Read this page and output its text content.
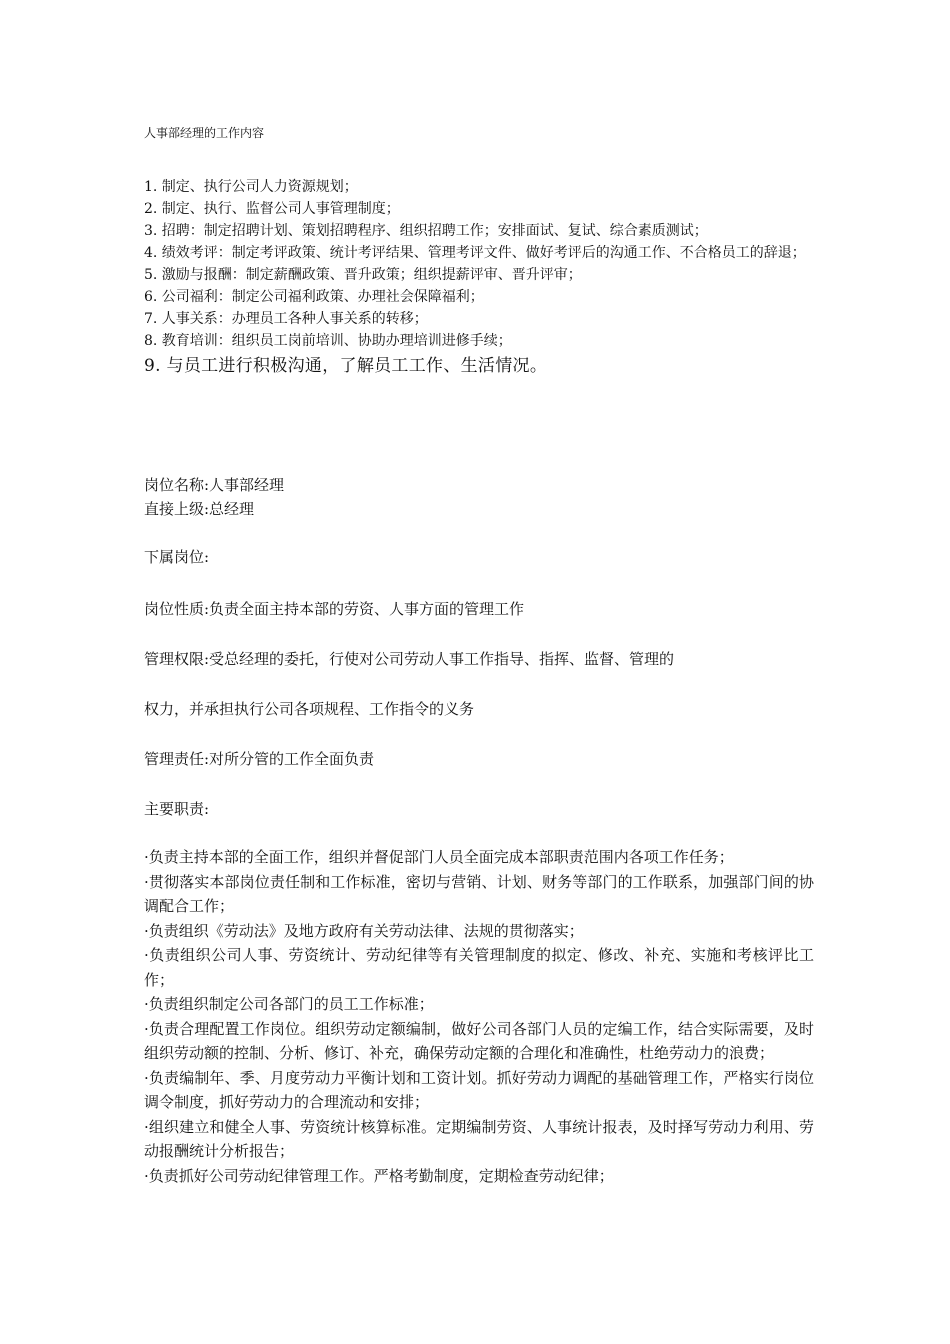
人事部经理的工作内容
1. 制定、执行公司人力资源规划；
2. 制定、执行、监督公司人事管理制度；
3. 招聘：制定招聘计划、策划招聘程序、组织招聘工作；安排面试、复试、综合素质测试；
4. 绩效考评：制定考评政策、统计考评结果、管理考评文件、做好考评后的沟通工作、不合格员工的辞退；
5. 激励与报酬：制定薪酬政策、晋升政策；组织提薪评审、晋升评审；
6. 公司福利：制定公司福利政策、办理社会保障福利；
7. 人事关系：办理员工各种人事关系的转移；
8. 教育培训：组织员工岗前培训、协助办理培训进修手续；
9. 与员工进行积极沟通，了解员工工作、生活情况。
岗位名称:人事部经理
直接上级:总经理
下属岗位:
岗位性质:负责全面主持本部的劳资、人事方面的管理工作
管理权限:受总经理的委托，行使对公司劳动人事工作指导、指挥、监督、管理的
权力，并承担执行公司各项规程、工作指令的义务
管理责任:对所分管的工作全面负责
主要职责:
·负责主持本部的全面工作，组织并督促部门人员全面完成本部职责范围内各项工作任务；
·贯彻落实本部岗位责任制和工作标准，密切与营销、计划、财务等部门的工作联系，加强部门间的协调配合工作；
·负责组织《劳动法》及地方政府有关劳动法律、法规的贯彻落实；
·负责组织公司人事、劳资统计、劳动纪律等有关管理制度的拟定、修改、补充、实施和考核评比工作；
·负责组织制定公司各部门的员工工作标准；
·负责合理配置工作岗位。组织劳动定额编制，做好公司各部门人员的定编工作，结合实际需要，及时组织劳动额的控制、分析、修订、补充，确保劳动定额的合理化和准确性，杜绝劳动力的浪费；
·负责编制年、季、月度劳动力平衡计划和工资计划。抓好劳动力调配的基础管理工作，严格实行岗位调令制度，抓好劳动力的合理流动和安排；
·组织建立和健全人事、劳资统计核算标准。定期编制劳资、人事统计报表，及时择写劳动力利用、劳动报酬统计分析报告；
·负责抓好公司劳动纪律管理工作。严格考勤制度，定期检查劳动纪律；
